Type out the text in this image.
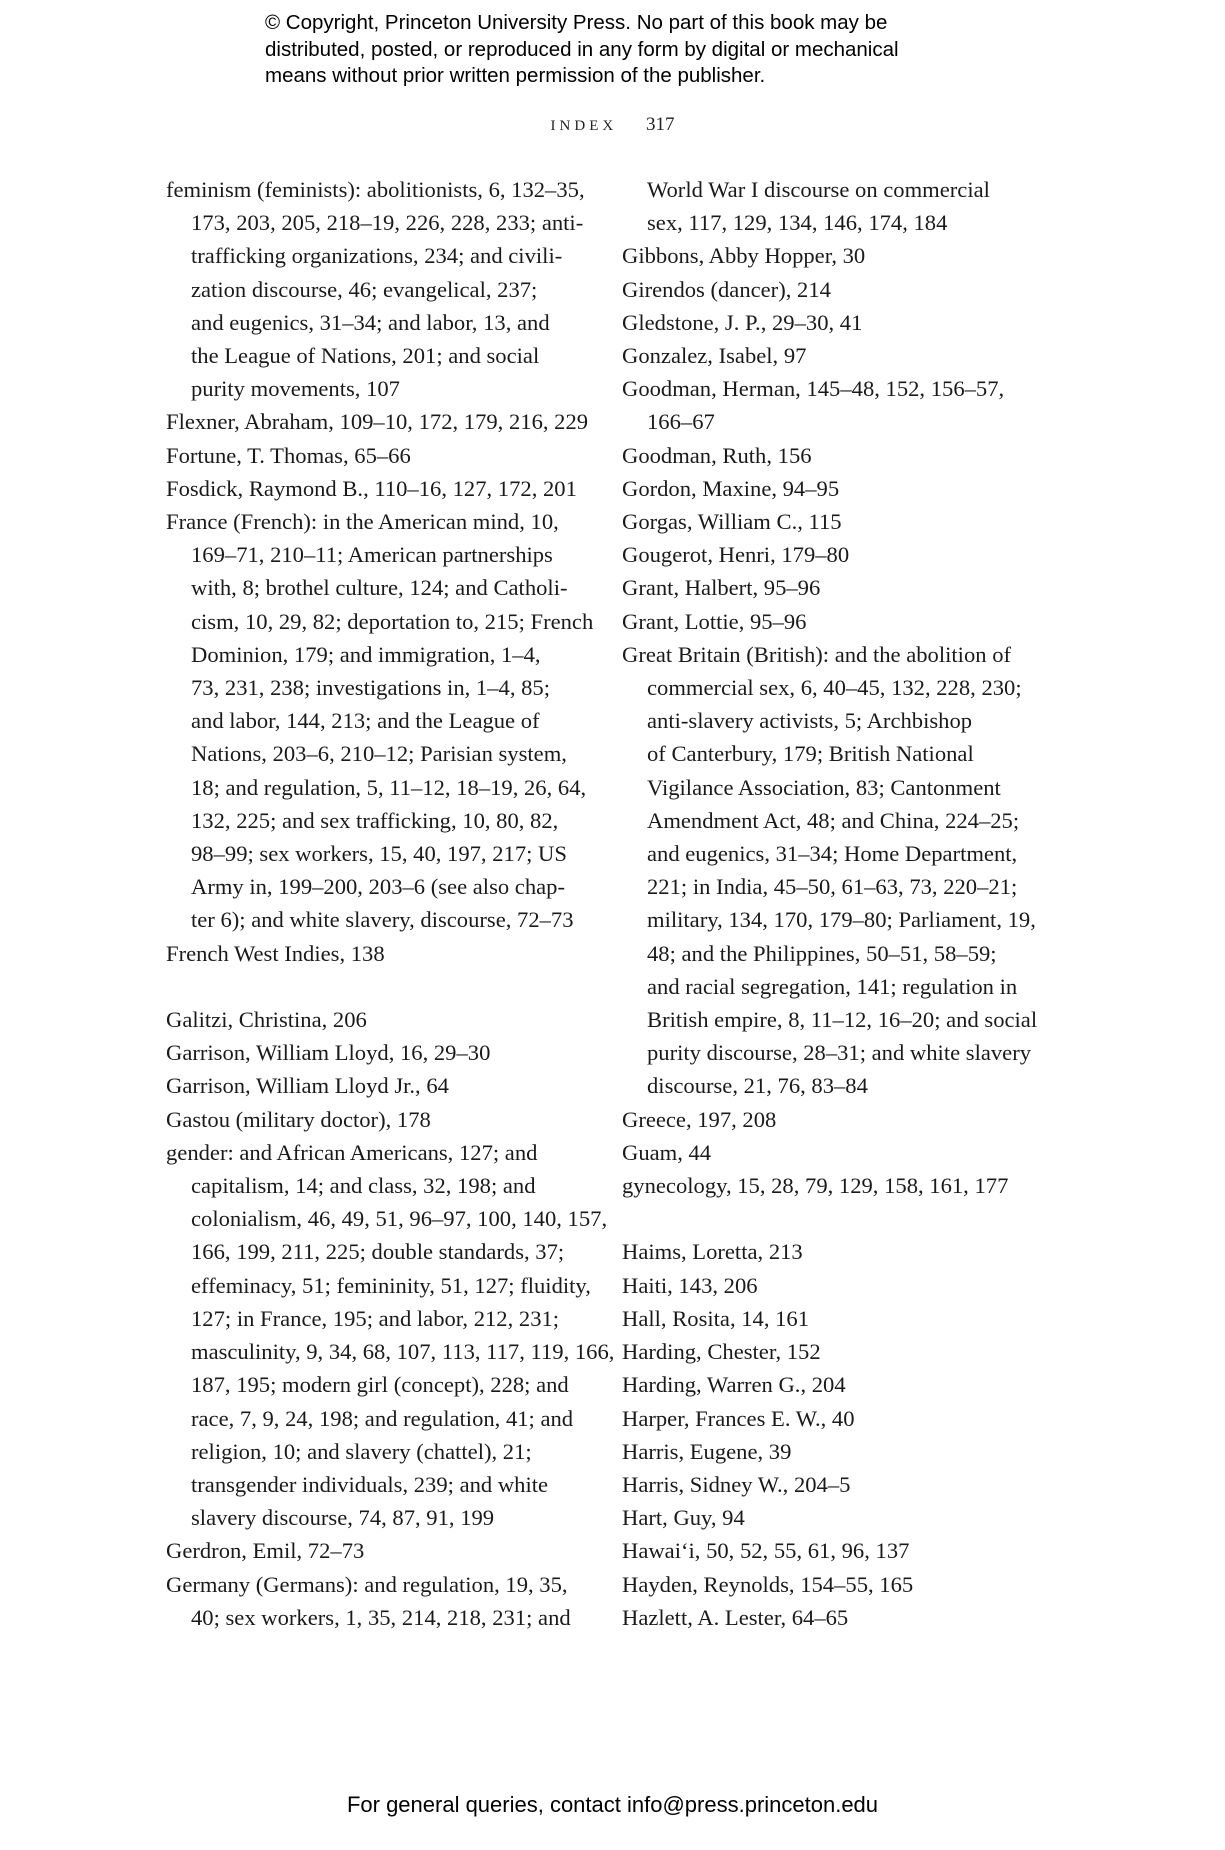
© Copyright, Princeton University Press. No part of this book may be
distributed, posted, or reproduced in any form by digital or mechanical
means without prior written permission of the publisher.
INDEX 317
feminism (feminists): abolitionists, 6, 132–35,
173, 203, 205, 218–19, 226, 228, 233; anti-
trafficking organizations, 234; and civili-
zation discourse, 46; evangelical, 237;
and eugenics, 31–34; and labor, 13, and
the League of Nations, 201; and social
purity movements, 107
Flexner, Abraham, 109–10, 172, 179, 216, 229
Fortune, T. Thomas, 65–66
Fosdick, Raymond B., 110–16, 127, 172, 201
France (French): in the American mind, 10,
169–71, 210–11; American partnerships
with, 8; brothel culture, 124; and Catholi-
cism, 10, 29, 82; deportation to, 215; French
Dominion, 179; and immigration, 1–4,
73, 231, 238; investigations in, 1–4, 85;
and labor, 144, 213; and the League of
Nations, 203–6, 210–12; Parisian system,
18; and regulation, 5, 11–12, 18–19, 26, 64,
132, 225; and sex trafficking, 10, 80, 82,
98–99; sex workers, 15, 40, 197, 217; US
Army in, 199–200, 203–6 (see also chap-
ter 6); and white slavery, discourse, 72–73
French West Indies, 138
Galitzi, Christina, 206
Garrison, William Lloyd, 16, 29–30
Garrison, William Lloyd Jr., 64
Gastou (military doctor), 178
gender: and African Americans, 127; and
capitalism, 14; and class, 32, 198; and
colonialism, 46, 49, 51, 96–97, 100, 140, 157,
166, 199, 211, 225; double standards, 37;
effeminacy, 51; femininity, 51, 127; fluidity,
127; in France, 195; and labor, 212, 231;
masculinity, 9, 34, 68, 107, 113, 117, 119, 166,
187, 195; modern girl (concept), 228; and
race, 7, 9, 24, 198; and regulation, 41; and
religion, 10; and slavery (chattel), 21;
transgender individuals, 239; and white
slavery discourse, 74, 87, 91, 199
Gerdron, Emil, 72–73
Germany (Germans): and regulation, 19, 35,
40; sex workers, 1, 35, 214, 218, 231; and
World War I discourse on commercial
sex, 117, 129, 134, 146, 174, 184
Gibbons, Abby Hopper, 30
Girendos (dancer), 214
Gledstone, J. P., 29–30, 41
Gonzalez, Isabel, 97
Goodman, Herman, 145–48, 152, 156–57,
166–67
Goodman, Ruth, 156
Gordon, Maxine, 94–95
Gorgas, William C., 115
Gougerot, Henri, 179–80
Grant, Halbert, 95–96
Grant, Lottie, 95–96
Great Britain (British): and the abolition of
commercial sex, 6, 40–45, 132, 228, 230;
anti-slavery activists, 5; Archbishop
of Canterbury, 179; British National
Vigilance Association, 83; Cantonment
Amendment Act, 48; and China, 224–25;
and eugenics, 31–34; Home Department,
221; in India, 45–50, 61–63, 73, 220–21;
military, 134, 170, 179–80; Parliament, 19,
48; and the Philippines, 50–51, 58–59;
and racial segregation, 141; regulation in
British empire, 8, 11–12, 16–20; and social
purity discourse, 28–31; and white slavery
discourse, 21, 76, 83–84
Greece, 197, 208
Guam, 44
gynecology, 15, 28, 79, 129, 158, 161, 177
Haims, Loretta, 213
Haiti, 143, 206
Hall, Rosita, 14, 161
Harding, Chester, 152
Harding, Warren G., 204
Harper, Frances E. W., 40
Harris, Eugene, 39
Harris, Sidney W., 204–5
Hart, Guy, 94
Hawai‘i, 50, 52, 55, 61, 96, 137
Hayden, Reynolds, 154–55, 165
Hazlett, A. Lester, 64–65
For general queries, contact info@press.princeton.edu
